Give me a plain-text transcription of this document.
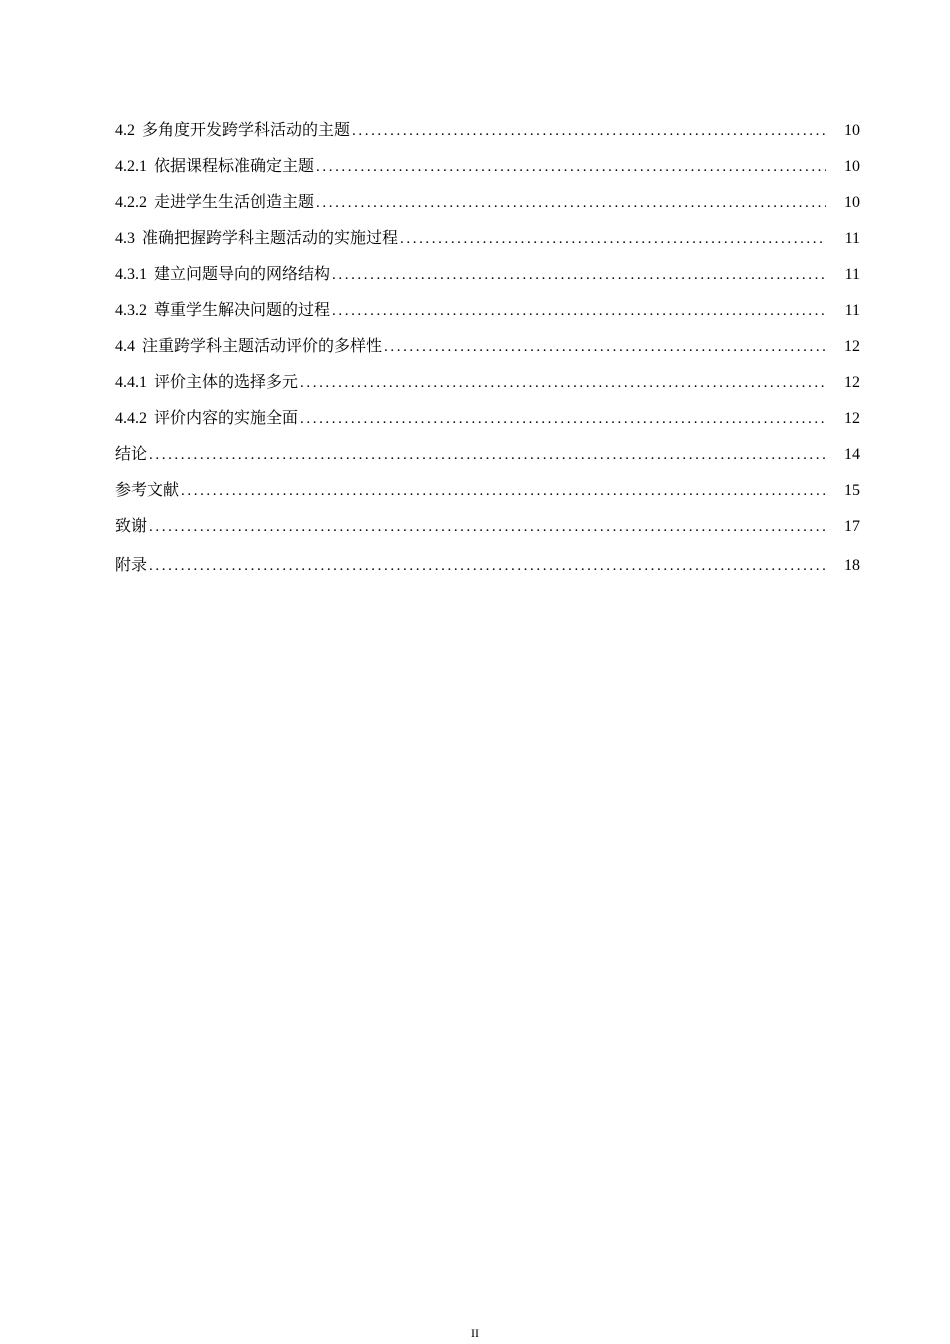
4.2 多角度开发跨学科活动的主题 .....	10
4.2.1 依据课程标准确定主题 .....	10
4.2.2 走进学生生活创造主题 .....	10
4.3 准确把握跨学科主题活动的实施过程 .....	11
4.3.1 建立问题导向的网络结构 .....	11
4.3.2 尊重学生解决问题的过程 .....	11
4.4 注重跨学科主题活动评价的多样性 .....	12
4.4.1 评价主体的选择多元 .....	12
4.4.2 评价内容的实施全面 .....	12
结论 .....	14
参考文献 .....	15
致谢 .....	17
附录 .....	18
II
